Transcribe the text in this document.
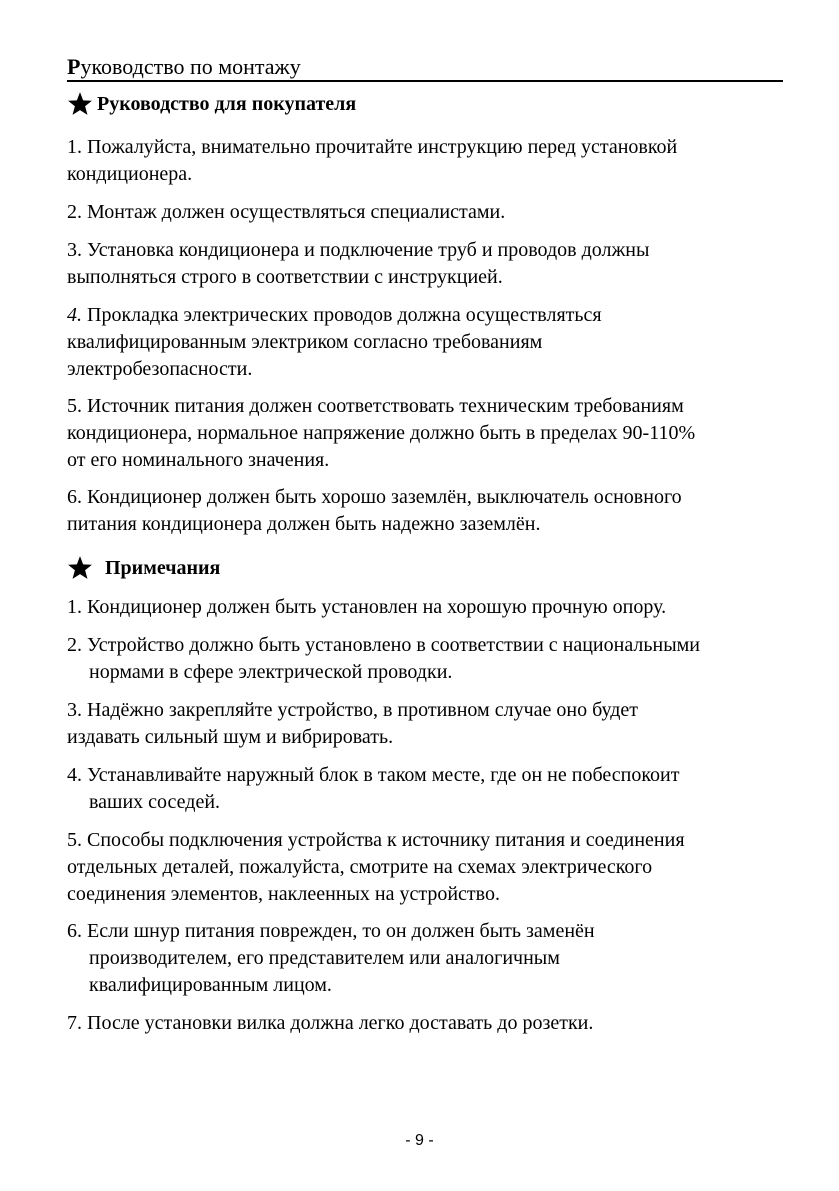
Руководство по монтажу
Руководство для покупателя
1. Пожалуйста, внимательно прочитайте инструкцию перед установкой
кондиционера.
2. Монтаж должен осуществляться специалистами.
3. Установка кондиционера и подключение труб и проводов должны
выполняться строго в соответствии с инструкцией.
4. Прокладка электрических проводов должна осуществляться
квалифицированным электриком согласно требованиям
электробезопасности.
5. Источник питания должен соответствовать техническим требованиям
кондиционера, нормальное напряжение должно быть в пределах 90-110%
от его номинального значения.
6. Кондиционер должен быть хорошо заземлён, выключатель основного
питания кондиционера должен быть надежно заземлён.
Примечания
1. Кондиционер должен быть установлен на хорошую прочную опору.
2. Устройство должно быть установлено в соответствии с национальными
нормами в сфере электрической проводки.
3. Надёжно закрепляйте устройство, в противном случае оно будет
издавать сильный шум и вибрировать.
4. Устанавливайте наружный блок в таком месте, где он не побеспокоит
ваших соседей.
5. Способы подключения устройства к источнику питания и соединения
отдельных деталей, пожалуйста, смотрите на схемах электрического
соединения элементов, наклеенных на устройство.
6. Если шнур питания поврежден, то он должен быть заменён
производителем, его представителем или аналогичным
квалифицированным лицом.
7. После установки вилка должна легко доставать до розетки.
- 9 -
